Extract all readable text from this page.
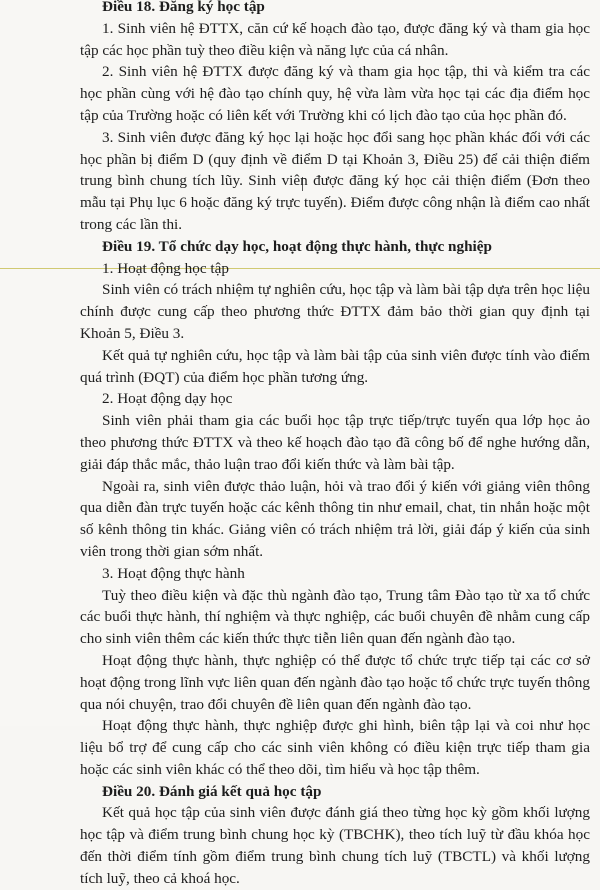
Điều 18. Đăng ký học tập

1. Sinh viên hệ ĐTTX, căn cứ kế hoạch đào tạo, được đăng ký và tham gia học tập các học phần tuỳ theo điều kiện và năng lực của cá nhân.

2. Sinh viên hệ ĐTTX được đăng ký và tham gia học tập, thi và kiểm tra các học phần cùng với hệ đào tạo chính quy, hệ vừa làm vừa học tại các địa điểm học tập của Trường hoặc có liên kết với Trường khi có lịch đào tạo của học phần đó.

3. Sinh viên được đăng ký học lại hoặc học đổi sang học phần khác đối với các học phần bị điểm D (quy định về điểm D tại Khoản 3, Điều 25) để cải thiện điểm trung bình chung tích lũy. Sinh viên được đăng ký học cải thiện điểm (Đơn theo mẫu tại Phụ lục 6 hoặc đăng ký trực tuyến). Điểm được công nhận là điểm cao nhất trong các lần thi.

Điều 19. Tổ chức dạy học, hoạt động thực hành, thực nghiệp

1. Hoạt động học tập

Sinh viên có trách nhiệm tự nghiên cứu, học tập và làm bài tập dựa trên học liệu chính được cung cấp theo phương thức ĐTTX đảm bảo thời gian quy định tại Khoản 5, Điều 3.

Kết quả tự nghiên cứu, học tập và làm bài tập của sinh viên được tính vào điểm quá trình (ĐQT) của điểm học phần tương ứng.

2. Hoạt động dạy học

Sinh viên phải tham gia các buổi học tập trực tiếp/trực tuyến qua lớp học ảo theo phương thức ĐTTX và theo kế hoạch đào tạo đã công bố để nghe hướng dẫn, giải đáp thắc mắc, thảo luận trao đổi kiến thức và làm bài tập.

Ngoài ra, sinh viên được thảo luận, hỏi và trao đổi ý kiến với giảng viên thông qua diễn đàn trực tuyến hoặc các kênh thông tin như email, chat, tin nhắn hoặc một số kênh thông tin khác. Giảng viên có trách nhiệm trả lời, giải đáp ý kiến của sinh viên trong thời gian sớm nhất.

3. Hoạt động thực hành

Tuỳ theo điều kiện và đặc thù ngành đào tạo, Trung tâm Đào tạo từ xa tổ chức các buổi thực hành, thí nghiệm và thực nghiệp, các buổi chuyên đề nhằm cung cấp cho sinh viên thêm các kiến thức thực tiễn liên quan đến ngành đào tạo.

Hoạt động thực hành, thực nghiệp có thể được tổ chức trực tiếp tại các cơ sở hoạt động trong lĩnh vực liên quan đến ngành đào tạo hoặc tổ chức trực tuyến thông qua nói chuyện, trao đổi chuyên đề liên quan đến ngành đào tạo.

Hoạt động thực hành, thực nghiệp được ghi hình, biên tập lại và coi như học liệu bổ trợ để cung cấp cho các sinh viên không có điều kiện trực tiếp tham gia hoặc các sinh viên khác có thể theo dõi, tìm hiểu và học tập thêm.

Điều 20. Đánh giá kết quả học tập

Kết quả học tập của sinh viên được đánh giá theo từng học kỳ gồm khối lượng học tập và điểm trung bình chung học kỳ (TBCHK), theo tích luỹ từ đầu khóa học đến thời điểm tính gồm điểm trung bình chung tích luỹ (TBCTL) và khối lượng tích luỹ, theo cả khoá học.
